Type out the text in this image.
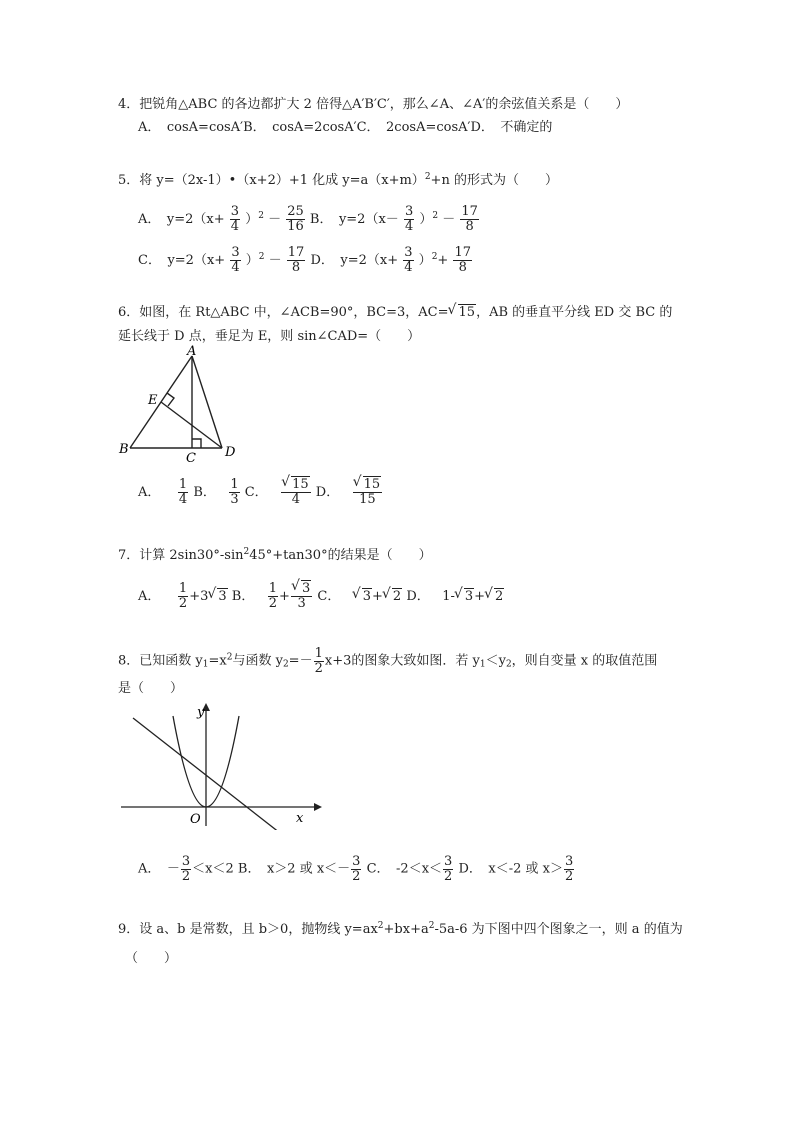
4．把锐角△ABC 的各边都扩大 2 倍得△A′B′C′，那么∠A、∠A′的余弦值关系是（　　）
A．　cosA=cosA′B．　cosA=2cosA′C．　2cosA=cosA′D．　不确定的
5．将 y=（2x-1）•（x+2）+1 化成 $y=a(x+m)^2+n$ 的形式为（　　）
A．　$y=2(x+ \frac{3}{4} )^2 - \frac{25}{16}$ B．　$y=2(x- \frac{3}{4} )^2 - \frac{17}{8}$
C．　$y=2(x+ \frac{3}{4} )^2 - \frac{17}{8}$ D．　$y=2(x+ \frac{3}{4} )^2+ \frac{17}{8}$
6．如图，在 Rt△ABC 中，∠ACB=90°，BC=3，AC=√ 15，AB 的垂直平分线 ED 交 BC 的
延长线于 D 点，垂足为 E，则 sin∠CAD=（　　）
A
E
B
C D
A． $\frac{1}{4}$ B． $\frac{1}{3}$ C．
√ $\frac{15}{4}$ D．
√ $\frac{15}{15}$
7．计算 $2\sin 30^\circ-\sin^245^\circ+\tan 30^\circ$的结果是（　　）
A． $\frac{1}{2} +3√$ 3 B． $\frac{1}{2}$ +
√ $\frac{3}{3}$ C．   √ 3+√ 2 D． 1-√ 3+√ 2
8．已知函数 $y_1=x^2$与函数 $y_2=- \frac{1}{2} x+3$的图象大致如图．若 $y_1<y_2$，则自变量 x 的取值范围
是（　　）
y
x
O
A．　－ $\frac{3}{2} <x<2$ B．　x＞2 或 $x<- \frac{3}{2}$ C．　$-2<x< \frac{3}{2}$ D．　x＜-2 或 $x> \frac{3}{2}$
9．设 a、b 是常数，且 b＞0，抛物线 $y=ax^2+bx+a^2-5a-6$ 为下图中四个图象之一，则 a 的值为
（　　）
